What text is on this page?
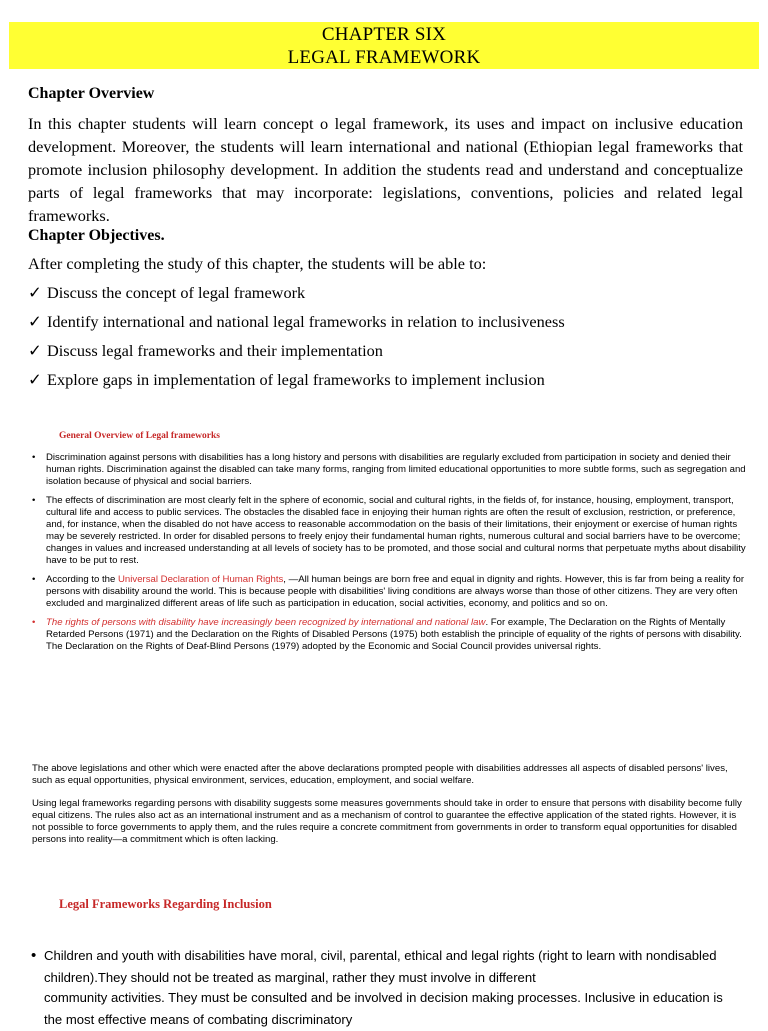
CHAPTER SIX
LEGAL FRAMEWORK
Chapter Overview
In this chapter students will learn concept o legal framework, its uses and impact on inclusive education development. Moreover, the students will learn international and national (Ethiopian legal frameworks that promote inclusion philosophy development. In addition the students read and understand and conceptualize parts of legal frameworks that may incorporate: legislations, conventions, policies and related legal frameworks.
Chapter Objectives.
After completing the study of this chapter, the students will be able to:
✓ Discuss the concept of legal framework
✓ Identify international and national legal frameworks in relation to inclusiveness
✓ Discuss legal frameworks and their implementation
✓ Explore gaps in implementation of legal frameworks to implement inclusion
General Overview of Legal frameworks
• Discrimination against persons with disabilities has a long history and persons with disabilities are regularly excluded from participation in society and denied their human rights. Discrimination against the disabled can take many forms, ranging from limited educational opportunities to more subtle forms, such as segregation and isolation because of physical and social barriers.
• The effects of discrimination are most clearly felt in the sphere of economic, social and cultural rights, in the fields of, for instance, housing, employment, transport, cultural life and access to public services. The obstacles the disabled face in enjoying their human rights are often the result of exclusion, restriction, or preference, and, for instance, when the disabled do not have access to reasonable accommodation on the basis of their limitations, their enjoyment or exercise of human rights may be severely restricted. In order for disabled persons to freely enjoy their fundamental human rights, numerous cultural and social barriers have to be overcome; changes in values and increased understanding at all levels of society has to be promoted, and those social and cultural norms that perpetuate myths about disability have to be put to rest.
• According to the Universal Declaration of Human Rights, —All human beings are born free and equal in dignity and rights. However, this is far from being a reality for persons with disability around the world. This is because people with disabilities' living conditions are always worse than those of other citizens. They are very often excluded and marginalized different areas of life such as participation in education, social activities, economy, and politics and so on.
• The rights of persons with disability have increasingly been recognized by international and national law. For example, The Declaration on the Rights of Mentally Retarded Persons (1971) and the Declaration on the Rights of Disabled Persons (1975) both establish the principle of equality of the rights of persons with disability. The Declaration on the Rights of Deaf-Blind Persons (1979) adopted by the Economic and Social Council provides universal rights.
The above legislations and other which were enacted after the above declarations prompted people with disabilities addresses all aspects of disabled persons' lives, such as equal opportunities, physical environment, services, education, employment, and social welfare.
Using legal frameworks regarding persons with disability suggests some measures governments should take in order to ensure that persons with disability become fully equal citizens. The rules also act as an international instrument and as a mechanism of control to guarantee the effective application of the stated rights. However, it is not possible to force governments to apply them, and the rules require a concrete commitment from governments in order to transform equal opportunities for disabled persons into reality—a commitment which is often lacking.
Legal Frameworks Regarding Inclusion
• Children and youth with disabilities have moral, civil, parental, ethical and legal rights (right to learn with nondisabled children).They should not be treated as marginal, rather they must involve in different
community activities. They must be consulted and be involved in decision making processes. Inclusive in education is the most effective means of combating discriminatory
